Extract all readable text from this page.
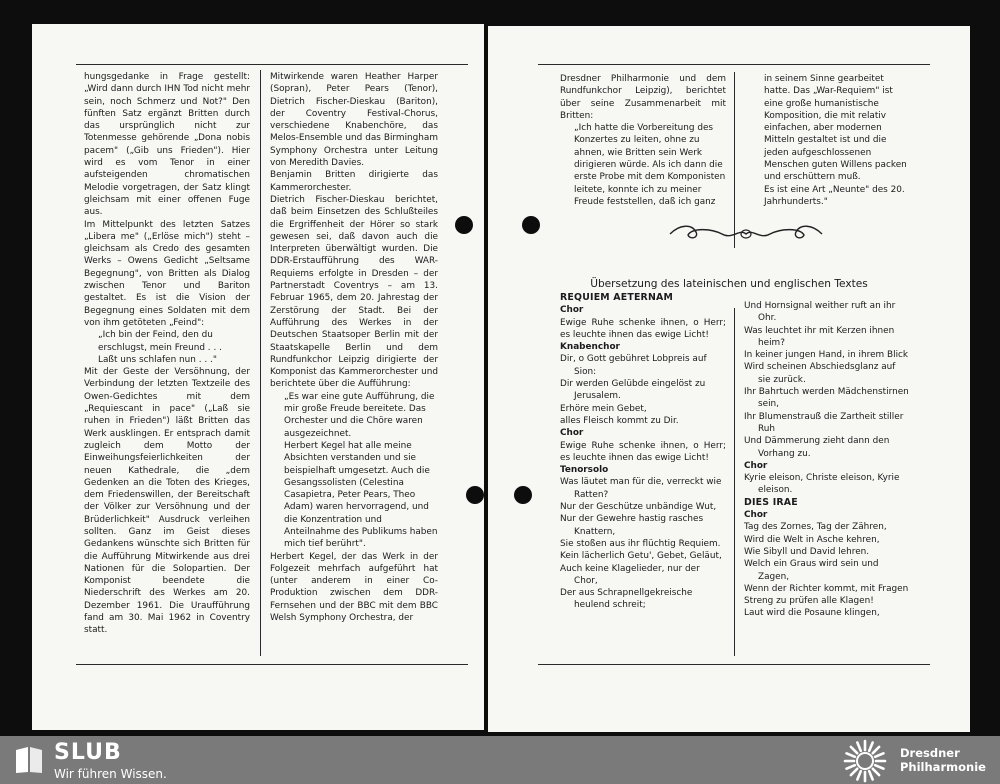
hungsgedanke in Frage gestellt: „Wird dann durch IHN Tod nicht mehr sein, noch Schmerz und Not?" Den fünften Satz ergänzt Britten durch das ursprünglich nicht zur Totenmesse gehörende „Dona nobis pacem" („Gib uns Frieden"). Hier wird es vom Tenor in einer aufsteigenden chromatischen Melodie vorgetragen, der Satz klingt gleichsam mit einer offenen Fuge aus.

Im Mittelpunkt des letzten Satzes „Libera me" („Erlöse mich") steht – gleichsam als Credo des gesamten Werks – Owens Gedicht „Seltsame Begegnung", von Britten als Dialog zwischen Tenor und Bariton gestaltet. Es ist die Vision der Begegnung eines Soldaten mit dem von ihm getöteten „Feind":

„Ich bin der Feind, den du erschlugst, mein Freund . . .

Laßt uns schlafen nun . . ."

Mit der Geste der Versöhnung, der Verbindung der letzten Textzeile des Owen-Gedichtes mit dem „Requiescant in pace" („Laß sie ruhen in Frieden") läßt Britten das Werk ausklingen. Er entsprach damit zugleich dem Motto der Einweihungsfeierlichkeiten der neuen Kathedrale, die „dem Gedenken an die Toten des Krieges, dem Friedenswillen, der Bereitschaft der Völker zur Versöhnung und der Brüderlichkeit" Ausdruck verleihen sollten. Ganz im Geist dieses Gedankens wünschte sich Britten für die Aufführung Mitwirkende aus drei Nationen für die Solopartien. Der Komponist beendete die Niederschrift des Werkes am 20. Dezember 1961. Die Uraufführung fand am 30. Mai 1962 in Coventry statt.

Mitwirkende waren Heather Harper (Sopran), Peter Pears (Tenor), Dietrich Fischer-Dieskau (Bariton), der Coventry Festival-Chorus, verschiedene Knabenchöre, das Melos-Ensemble und das Birmingham Symphony Orchestra unter Leitung von Meredith Davies.

Benjamin Britten dirigierte das Kammerorchester.

Dietrich Fischer-Dieskau berichtet, daß beim Einsetzen des Schlußteiles die Ergriffenheit der Hörer so stark gewesen sei, daß davon auch die Interpreten überwältigt wurden. Die DDR-Erstaufführung des WAR-Requiems erfolgte in Dresden – der Partnerstadt Coventrys – am 13. Februar 1965, dem 20. Jahrestag der Zerstörung der Stadt. Bei der Aufführung des Werkes in der Deutschen Staatsoper Berlin mit der Staatskapelle Berlin und dem Rundfunkchor Leipzig dirigierte der Komponist das Kammerorchester und berichtete über die Aufführung:

„Es war eine gute Aufführung, die mir große Freude bereitete. Das Orchester und die Chöre waren ausgezeichnet.

Herbert Kegel hat alle meine Absichten verstanden und sie beispielhaft umgesetzt. Auch die Gesangssolisten (Celestina Casapietra, Peter Pears, Theo Adam) waren hervorragend, und die Konzentration und Anteilnahme des Publikums haben mich tief berührt".

Herbert Kegel, der das Werk in der Folgezeit mehrfach aufgeführt hat (unter anderem in einer Co-Produktion zwischen dem DDR-Fernsehen und der BBC mit dem BBC Welsh Symphony Orchestra, der

Dresdner Philharmonie und dem Rundfunkchor Leipzig), berichtet über seine Zusammenarbeit mit Britten:

„Ich hatte die Vorbereitung des Konzertes zu leiten, ohne zu ahnen, wie Britten sein Werk dirigieren würde. Als ich dann die erste Probe mit dem Komponisten leitete, konnte ich zu meiner Freude feststellen, daß ich ganz

in seinem Sinne gearbeitet hatte. Das „War-Requiem" ist eine große humanistische Komposition, die mit relativ einfachen, aber modernen Mitteln gestaltet ist und die jeden aufgeschlossenen Menschen guten Willens packen und erschüttern muß.

Es ist eine Art „Neunte" des 20. Jahrhunderts."

Übersetzung des lateinischen und englischen Textes

REQUIEM AETERNAM

Chor

Ewige Ruhe schenke ihnen, o Herr; es leuchte ihnen das ewige Licht!

Knabenchor

Dir, o Gott gebühret Lobpreis auf Sion:

Dir werden Gelübde eingelöst zu Jerusalem.

Erhöre mein Gebet,

alles Fleisch kommt zu Dir.

Chor

Ewige Ruhe schenke ihnen, o Herr; es leuchte ihnen das ewige Licht!

Tenorsolo

Was läutet man für die, verreckt wie Ratten?

Nur der Geschütze unbändige Wut,

Nur der Gewehre hastig rasches Knattern,

Sie stoßen aus ihr flüchtig Requiem.

Kein lächerlich Getu', Gebet, Geläut,

Auch keine Klagelieder, nur der Chor,

Der aus Schrapnellgekreische heulend schreit;

Und Hornsignal weither ruft an ihr Ohr.

Was leuchtet ihr mit Kerzen ihnen heim?

In keiner jungen Hand, in ihrem Blick

Wird scheinen Abschiedsglanz auf sie zurück.

Ihr Bahrtuch werden Mädchenstirnen sein,

Ihr Blumenstrauß die Zartheit stiller Ruh

Und Dämmerung zieht dann den Vorhang zu.

Chor

Kyrie eleison, Christe eleison, Kyrie eleison.

DIES IRAE

Chor

Tag des Zornes, Tag der Zähren,

Wird die Welt in Asche kehren,

Wie Sibyll und David lehren.

Welch ein Graus wird sein und Zagen,

Wenn der Richter kommt, mit Fragen

Streng zu prüfen alle Klagen!

Laut wird die Posaune klingen,

SLUB
Wir führen Wissen.
Dresdner
Philharmonie
